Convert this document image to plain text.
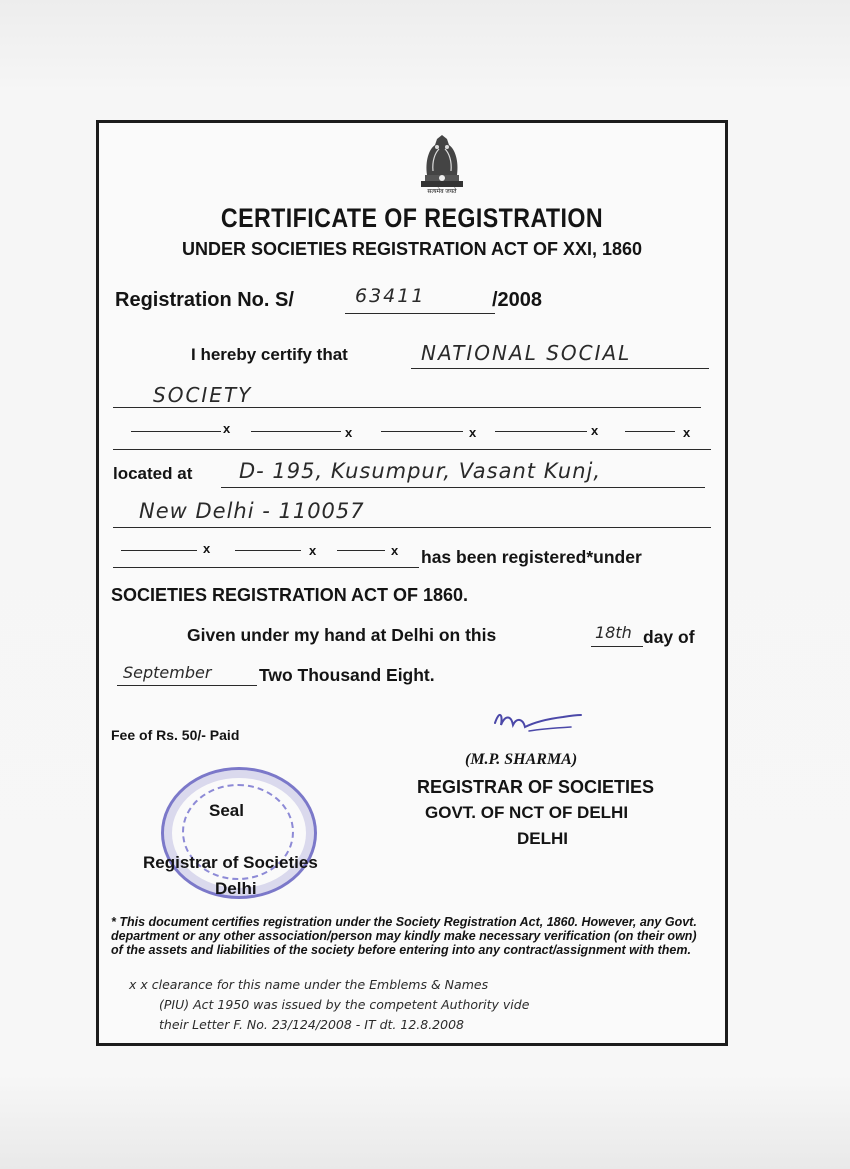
सत्यमेव जयते
CERTIFICATE OF REGISTRATION
UNDER SOCIETIES REGISTRATION ACT OF XXI, 1860
Registration No. S/	63411	/2008
I hereby certify that	NATIONAL SOCIAL
SOCIETY
x	x	x	x	x
located at D- 195, Kusumpur, Vasant Kunj,
New Delhi - 110057
x	x	x has been registered*under
SOCIETIES REGISTRATION ACT OF 1860.
Given under my hand at Delhi on this	18th day of
September	Two Thousand Eight.
Fee of Rs. 50/- Paid
(M.P. SHARMA)
REGISTRAR OF SOCIETIES
GOVT. OF NCT OF DELHI
DELHI
Seal
Registrar of Societies
Delhi
* This document certifies registration under the Society Registration Act, 1860. However, any Govt. department or any other association/person may kindly make necessary verification (on their own) of the assets and liabilities of the society before entering into any contract/assignment with them.
x x clearance for this name under the Emblems & Names
(PIU) Act 1950 was issued by the competent Authority vide
their Letter F. No. 23/124/2008 - IT dt. 12.8.2008
